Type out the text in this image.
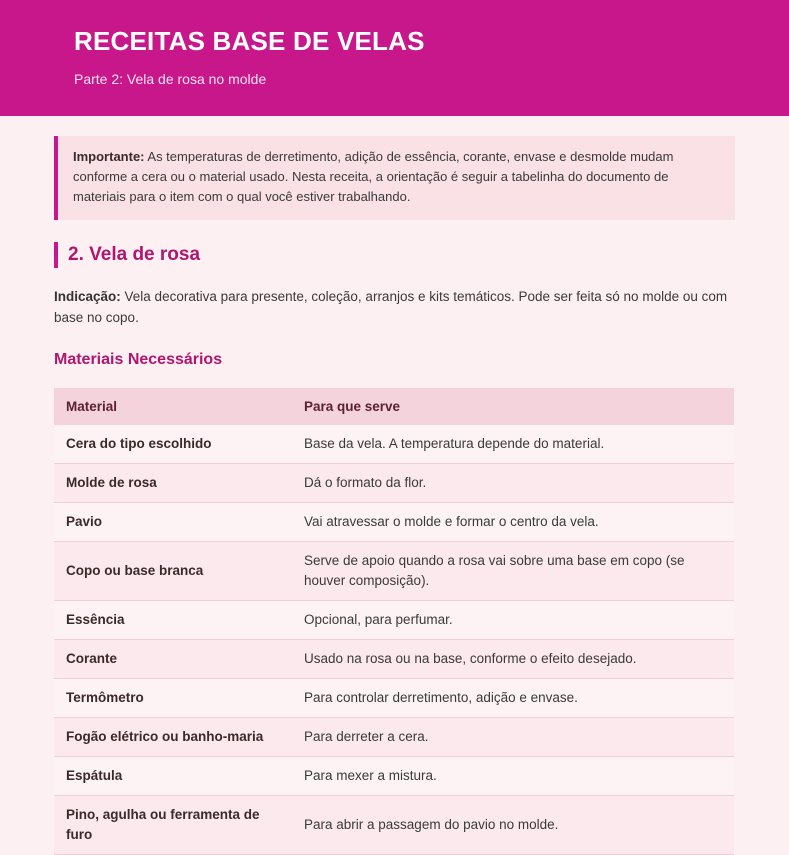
RECEITAS BASE DE VELAS
Parte 2: Vela de rosa no molde
Importante: As temperaturas de derretimento, adição de essência, corante, envase e desmolde mudam conforme a cera ou o material usado. Nesta receita, a orientação é seguir a tabelinha do documento de materiais para o item com o qual você estiver trabalhando.
2. Vela de rosa
Indicação: Vela decorativa para presente, coleção, arranjos e kits temáticos. Pode ser feita só no molde ou com base no copo.
Materiais Necessários
Material	Para que serve
Cera do tipo escolhido	Base da vela. A temperatura depende do material.
Molde de rosa	Dá o formato da flor.
Pavio	Vai atravessar o molde e formar o centro da vela.
Copo ou base branca	Serve de apoio quando a rosa vai sobre uma base em copo (se houver composição).
Essência	Opcional, para perfumar.
Corante	Usado na rosa ou na base, conforme o efeito desejado.
Termômetro	Para controlar derretimento, adição e envase.
Fogão elétrico ou banho-maria	Para derreter a cera.
Espátula	Para mexer a mistura.
Pino, agulha ou ferramenta de furo	Para abrir a passagem do pavio no molde.
